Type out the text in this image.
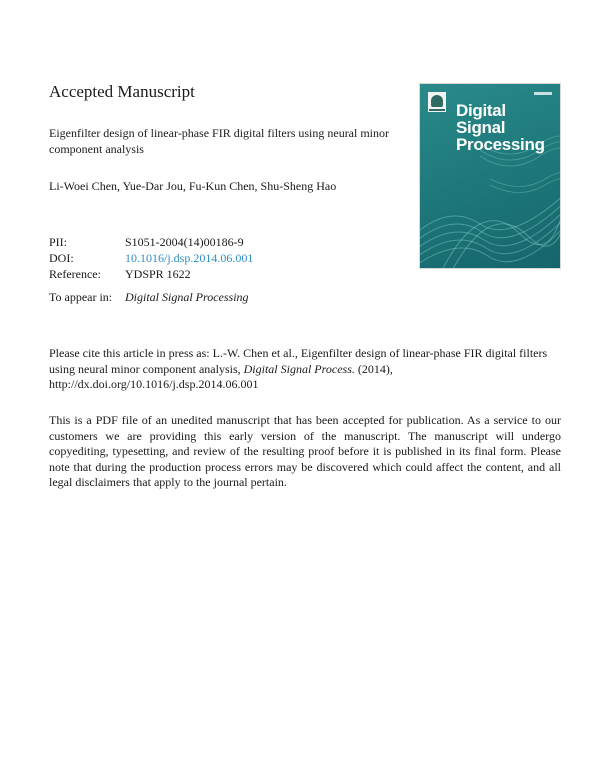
Accepted Manuscript

Eigenfilter design of linear-phase FIR digital filters using neural minor component analysis

Li-Woei Chen, Yue-Dar Jou, Fu-Kun Chen, Shu-Sheng Hao

PII:	S1051-2004(14)00186-9
DOI:	10.1016/j.dsp.2014.06.001
Reference:	YDSPR 1622

To appear in: Digital Signal Processing

Please cite this article in press as: L.-W. Chen et al., Eigenfilter design of linear-phase FIR digital filters using neural minor component analysis, Digital Signal Process. (2014), http://dx.doi.org/10.1016/j.dsp.2014.06.001

This is a PDF file of an unedited manuscript that has been accepted for publication. As a service to our customers we are providing this early version of the manuscript. The manuscript will undergo copyediting, typesetting, and review of the resulting proof before it is published in its final form. Please note that during the production process errors may be discovered which could affect the content, and all legal disclaimers that apply to the journal pertain.

Digital
Signal
Processing
